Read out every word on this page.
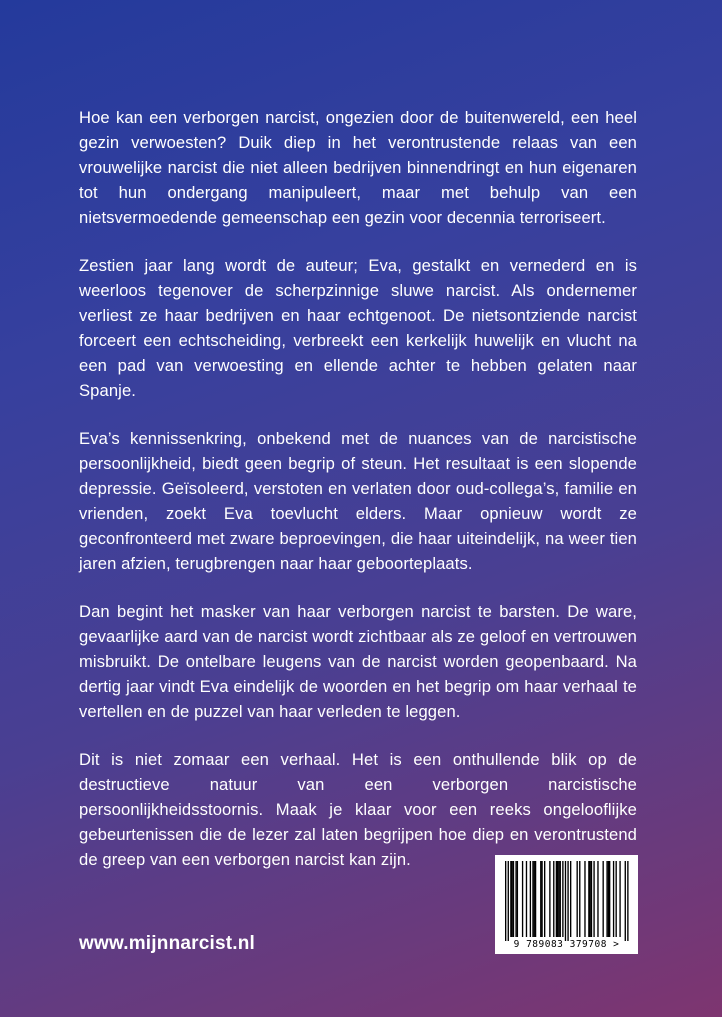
Hoe kan een verborgen narcist, ongezien door de buitenwereld, een heel gezin verwoesten? Duik diep in het verontrustende relaas van een vrouwelijke narcist die niet alleen bedrijven binnendringt en hun eigenaren tot hun ondergang manipuleert, maar met behulp van een nietsvermoedende gemeenschap een gezin voor decennia terroriseert.

Zestien jaar lang wordt de auteur; Eva, gestalkt en vernederd en is weerloos tegenover de scherpzinnige sluwe narcist. Als ondernemer verliest ze haar bedrijven en haar echtgenoot. De nietsontziende narcist forceert een echtscheiding, verbreekt een kerkelijk huwelijk en vlucht na een pad van verwoesting en ellende achter te hebben gelaten naar Spanje.

Eva’s kennissenkring, onbekend met de nuances van de narcistische persoonlijkheid, biedt geen begrip of steun. Het resultaat is een slopende depressie. Geïsoleerd, verstoten en verlaten door oud-collega’s, familie en vrienden, zoekt Eva toevlucht elders. Maar opnieuw wordt ze geconfronteerd met zware beproevingen, die haar uiteindelijk, na weer tien jaren afzien, terugbrengen naar haar geboorteplaats.

Dan begint het masker van haar verborgen narcist te barsten. De ware, gevaarlijke aard van de narcist wordt zichtbaar als ze geloof en vertrouwen misbruikt. De ontelbare leugens van de narcist worden geopenbaard. Na dertig jaar vindt Eva eindelijk de woorden en het begrip om haar verhaal te vertellen en de puzzel van haar verleden te leggen.

Dit is niet zomaar een verhaal. Het is een onthullende blik op de destructieve natuur van een verborgen narcistische persoonlijkheidsstoornis. Maak je klaar voor een reeks ongelooflijke gebeurtenissen die de lezer zal laten begrijpen hoe diep en verontrustend de greep van een verborgen narcist kan zijn.

www.mijnnarcist.nl	9 789083 379708 >
